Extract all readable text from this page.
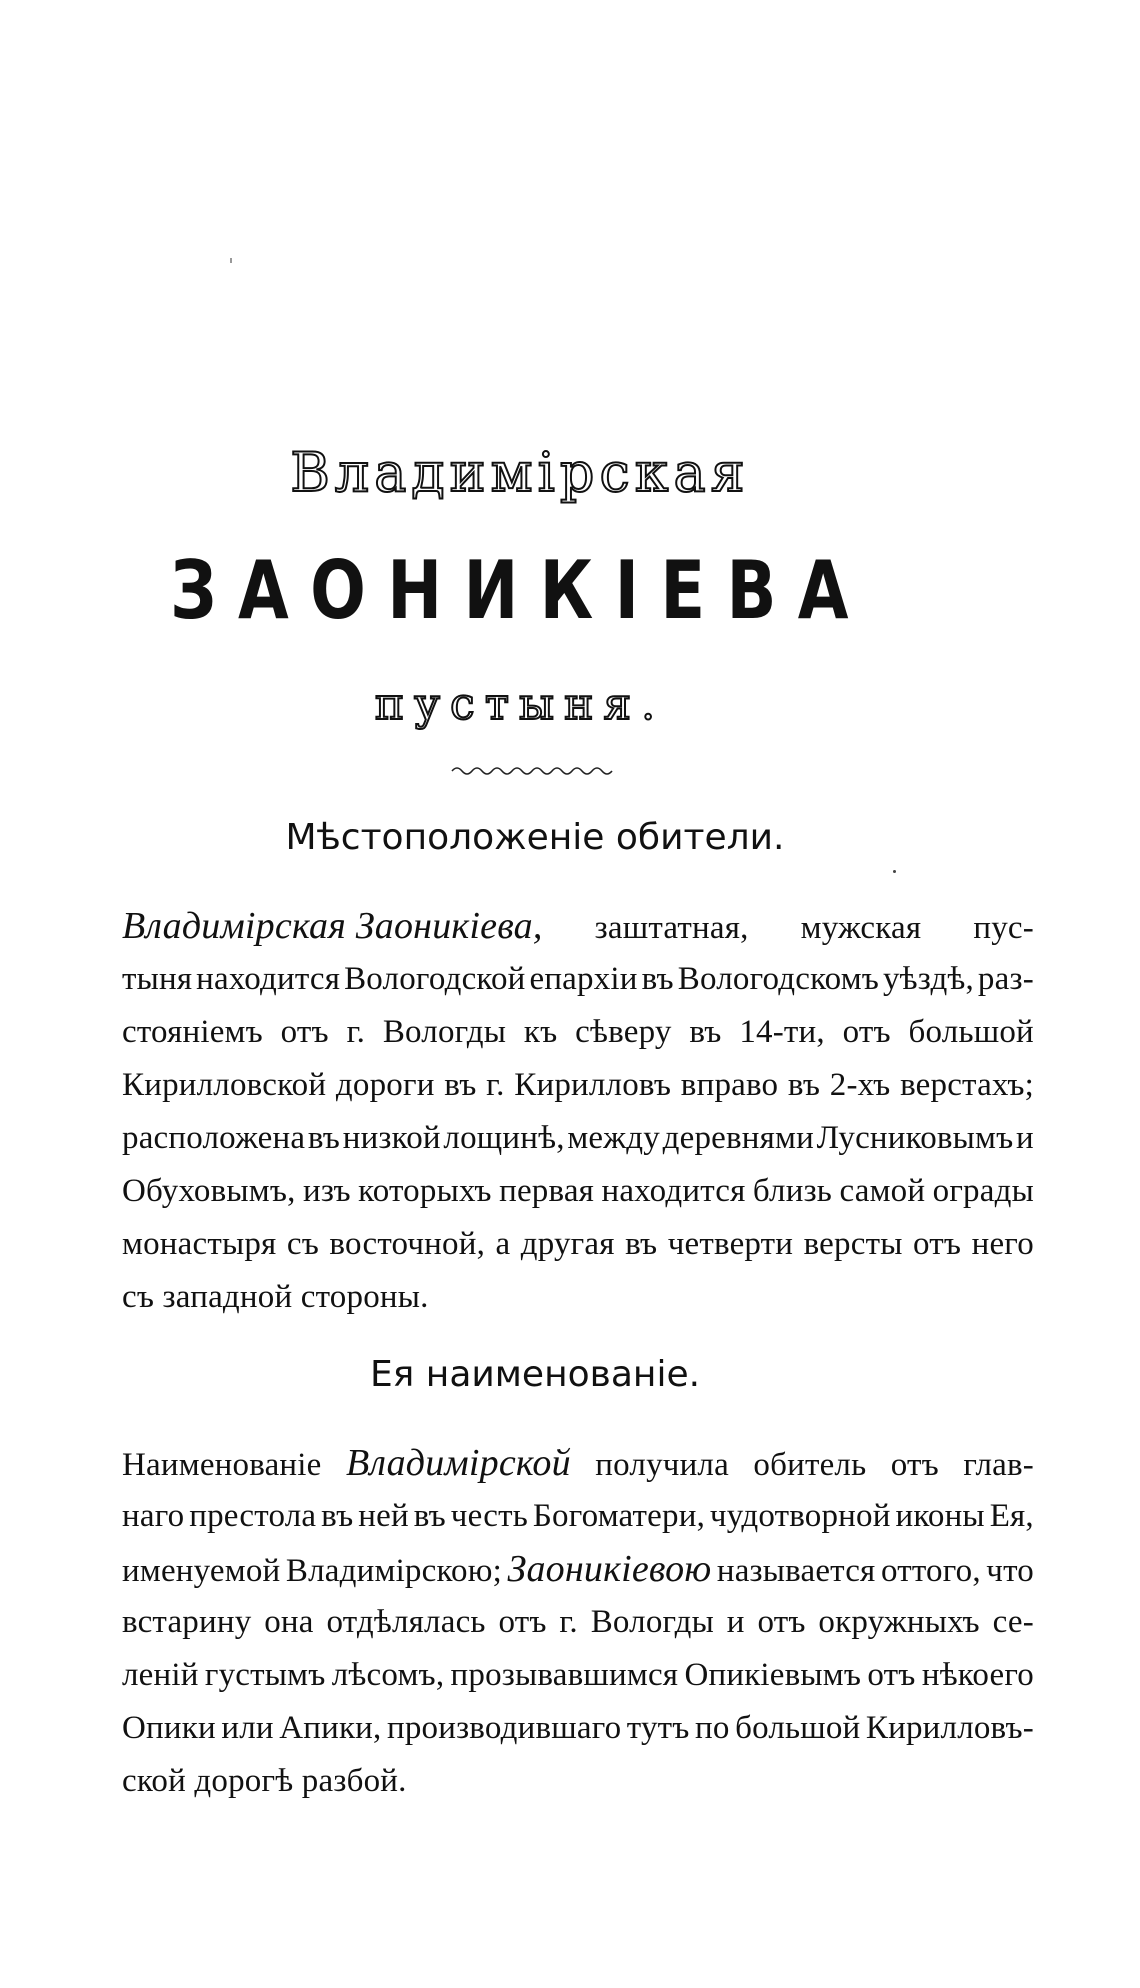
Владимірская
ЗАОНИКІЕВА
пустыня.
Мѣстоположеніе обители.
Владимірская Заоникіева, заштатная, мужская пус-
тыня находится Вологодской епархіи въ Вологодскомъ уѣздѣ, раз-
стояніемъ отъ г. Вологды къ сѣверу въ 14-ти, отъ большой
Кирилловской дороги въ г. Кирилловъ вправо въ 2-хъ верстахъ;
расположена въ низкой лощинѣ, между деревнями Лусниковымъ и
Обуховымъ, изъ которыхъ первая находится близь самой ограды
монастыря съ восточной, а другая въ четверти версты отъ него
съ западной стороны.
Ея наименованіе.
Наименованіе Владимірской получила обитель отъ глав-
наго престола въ ней въ честь Богоматери, чудотворной иконы Ея,
именуемой Владимірскою; Заоникіевою называется оттого, что
встарину она отдѣлялась отъ г. Вологды и отъ окружныхъ се-
леній густымъ лѣсомъ, прозывавшимся Опикіевымъ отъ нѣкоего
Опики или Апики, производившаго тутъ по большой Кирилловъ-
ской дорогѣ разбой.
